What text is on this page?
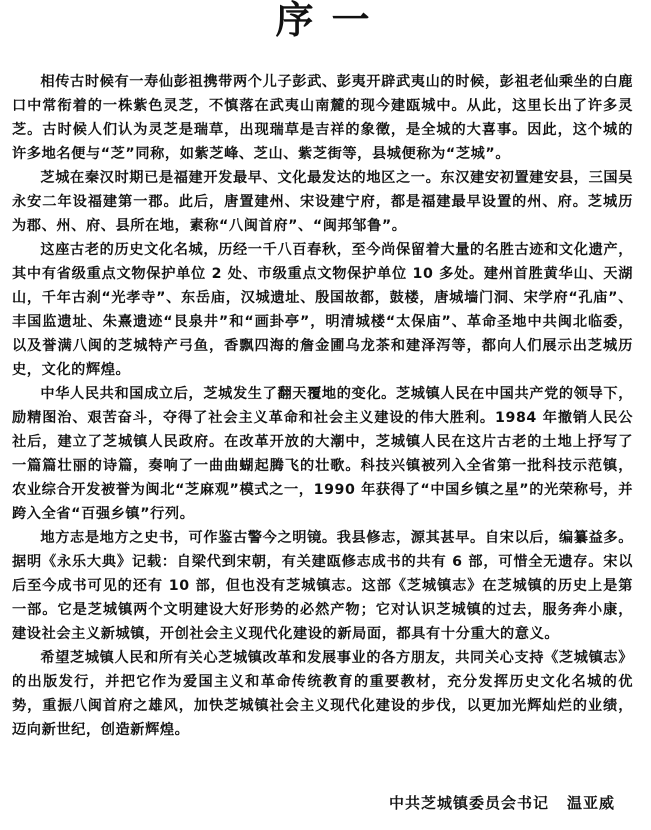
序一

相传古时候有一寿仙彭祖携带两个儿子彭武、彭夷开辟武夷山的时候，彭祖老仙乘坐的白鹿口中常衔着的一株紫色灵芝，不慎落在武夷山南麓的现今建瓯城中。从此，这里长出了许多灵芝。古时候人们认为灵芝是瑞草，出现瑞草是吉祥的象徵，是全城的大喜事。因此，这个城的许多地名便与“芝”同称，如紫芝峰、芝山、紫芝街等，县城便称为“芝城”。

芝城在秦汉时期已是福建开发最早、文化最发达的地区之一。东汉建安初置建安县，三国吴永安二年设福建第一郡。此后，唐置建州、宋设建宁府，都是福建最早设置的州、府。芝城历为郡、州、府、县所在地，素称“八闽首府”、“闽邦邹鲁”。

这座古老的历史文化名城，历经一千八百春秋，至今尚保留着大量的名胜古迹和文化遗产，其中有省级重点文物保护单位 2 处、市级重点文物保护单位 10 多处。建州首胜黄华山、天湖山，千年古刹“光孝寺”、东岳庙，汉城遗址、殷国故都，鼓楼，唐城墙门洞、宋学府“孔庙”、丰国监遗址、朱熹遗迹“艮泉井”和“画卦亭”，明清城楼“太保庙”、革命圣地中共闽北临委，以及誉满八闽的芝城特产弓鱼，香飘四海的詹金圃乌龙茶和建泽泻等，都向人们展示出芝城历史，文化的辉煌。

中华人民共和国成立后，芝城发生了翻天覆地的变化。芝城镇人民在中国共产党的领导下，励精图治、艰苦奋斗，夺得了社会主义革命和社会主义建设的伟大胜利。1984 年撤销人民公社后，建立了芝城镇人民政府。在改革开放的大潮中，芝城镇人民在这片古老的土地上抒写了一篇篇壮丽的诗篇，奏响了一曲曲蝴起腾飞的壮歌。科技兴镇被列入全省第一批科技示范镇，农业综合开发被誉为闽北“芝麻观”模式之一，1990 年获得了“中国乡镇之星”的光荣称号，并跨入全省“百强乡镇”行列。

地方志是地方之史书，可作鉴古警今之明镜。我县修志，源其甚早。自宋以后，编纂益多。据明《永乐大典》记载：自梁代到宋朝，有关建瓯修志成书的共有 6 部，可惜全无遗存。宋以后至今成书可见的还有 10 部，但也没有芝城镇志。这部《芝城镇志》在芝城镇的历史上是第一部。它是芝城镇两个文明建设大好形势的必然产物；它对认识芝城镇的过去，服务奔小康，建设社会主义新城镇，开创社会主义现代化建设的新局面，都具有十分重大的意义。

希望芝城镇人民和所有关心芝城镇改革和发展事业的各方朋友，共同关心支持《芝城镇志》的出版发行，并把它作为爱国主义和革命传统教育的重要教材，充分发挥历史文化名城的优势，重振八闽首府之雄风，加快芝城镇社会主义现代化建设的步伐，以更加光辉灿烂的业绩，迈向新世纪，创造新辉煌。

中共芝城镇委员会书记 温亚威
